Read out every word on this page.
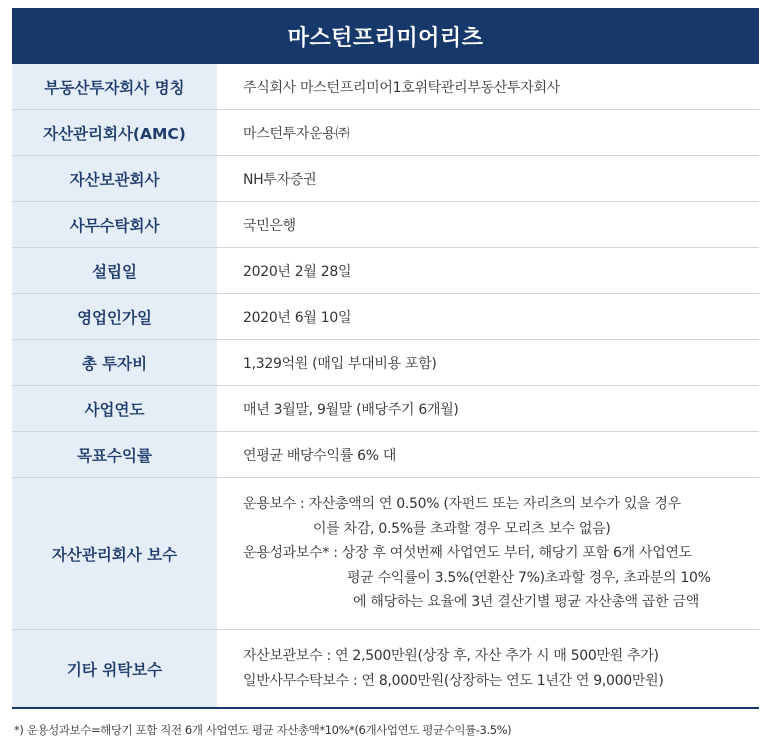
마스턴프리미어리츠
부동산투자회사 명칭	주식회사 마스턴프리미어1호위탁관리부동산투자회사
자산관리회사(AMC)	마스턴투자운용㈜
자산보관회사	NH투자증권
사무수탁회사	국민은행
설립일	2020년 2월 28일
영업인가일	2020년 6월 10일
총 투자비	1,329억원 (매입 부대비용 포함)
사업연도	매년 3월말, 9월말 (배당주기 6개월)
목표수익률	연평균 배당수익률 6% 대
자산관리회사 보수	운용보수 : 자산총액의 연 0.50% (자펀드 또는 자리츠의 보수가 있을 경우
이를 차감, 0.5%를 초과할 경우 모리츠 보수 없음)
운용성과보수* : 상장 후 여섯번째 사업연도 부터, 해당기 포함 6개 사업연도
평균 수익률이 3.5%(연환산 7%)초과할 경우, 초과분의 10%
에 해당하는 요율에 3년 결산기별 평균 자산총액 곱한 금액

기타 위탁보수	자산보관보수 : 연 2,500만원(상장 후, 자산 추가 시 매 500만원 추가)
일반사무수탁보수 : 연 8,000만원(상장하는 연도 1년간 연 9,000만원)
*) 운용성과보수=해당기 포함 직전 6개 사업연도 평균 자산총액*10%*(6개사업연도 평균수익률-3.5%)
